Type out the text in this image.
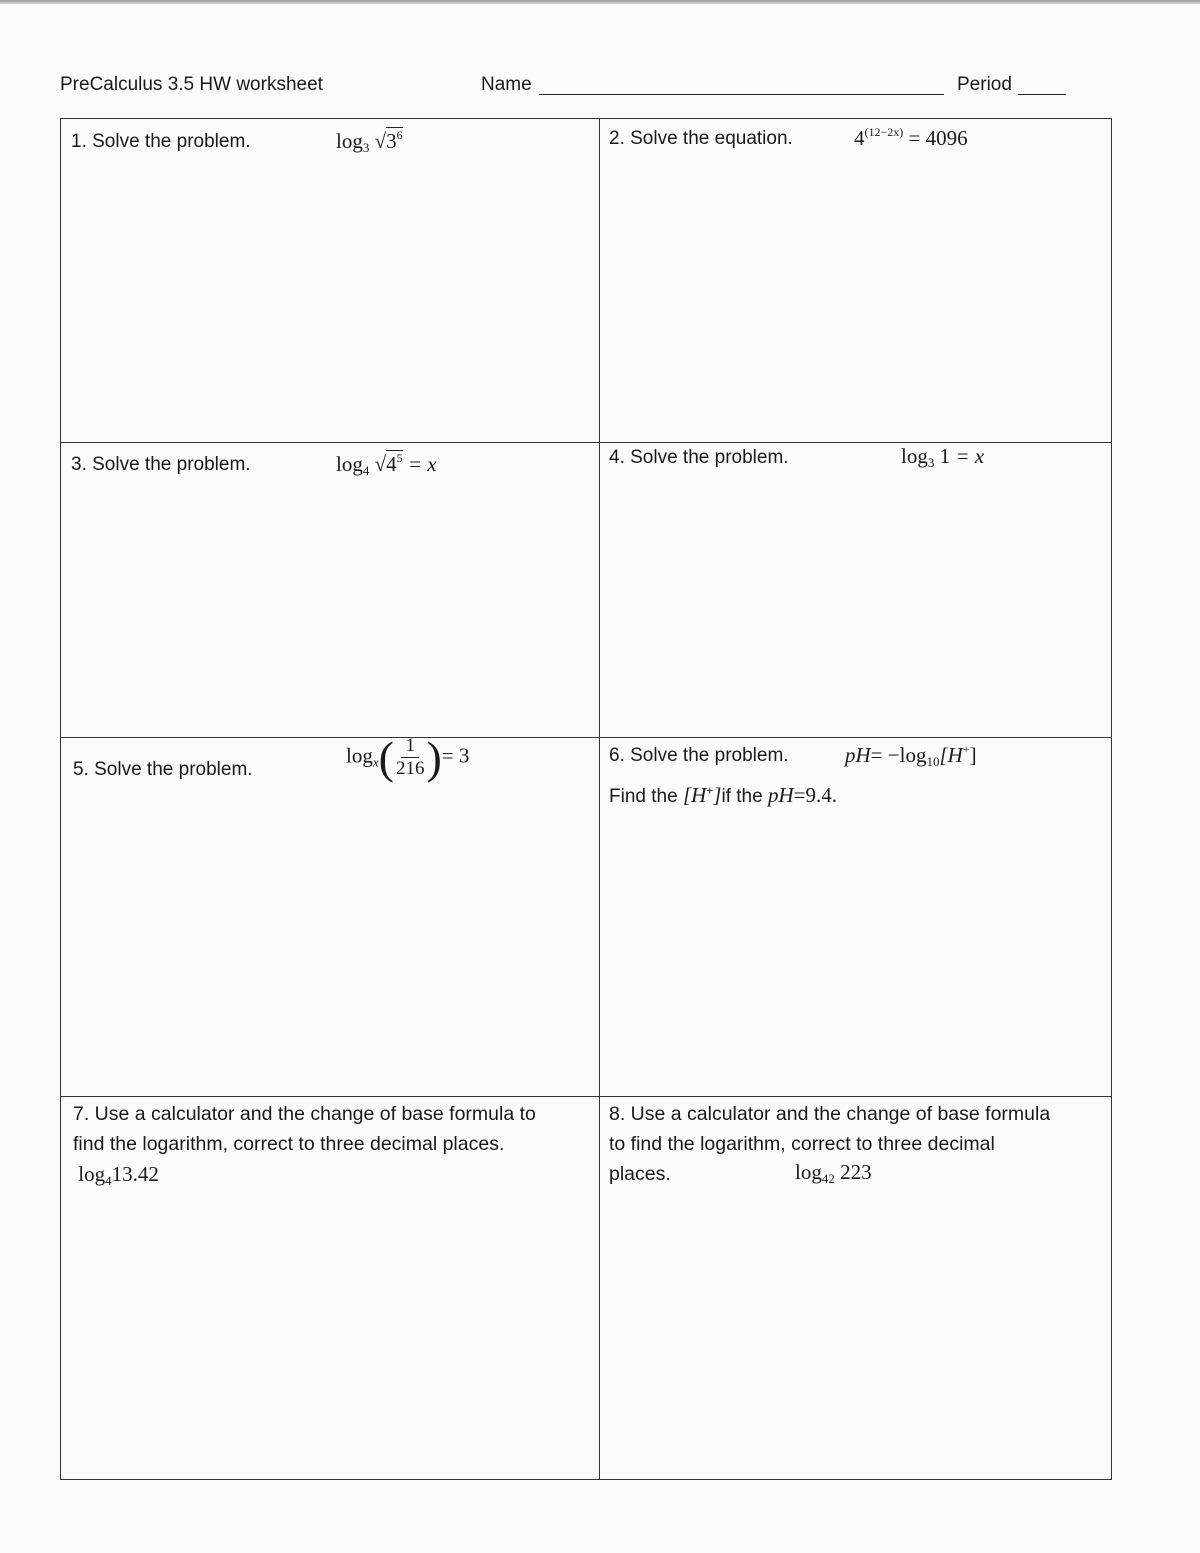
PreCalculus 3.5 HW worksheet	Name	Period
1. Solve the problem.	$\log_3 √3^6$	2. Solve the equation.	$4^{(12-2x)} = 4096$
3. Solve the problem.	$\log_4 √4^5 = x$	4. Solve the problem.	$\log_3 1 = x$
5. Solve the problem.
$\log_x( \frac{1}{216}$ )= 3	6. Solve the problem.	$pH= -\log_{10}[H^+]$
Find the [H+]if the pH=9.4.
7. Use a calculator and the change of base formula to
find the logarithm, correct to three decimal places.
$\log_413.42$
8. Use a calculator and the change of base formula
to find the logarithm, correct to three decimal
places.	$\log_{42} 223$
